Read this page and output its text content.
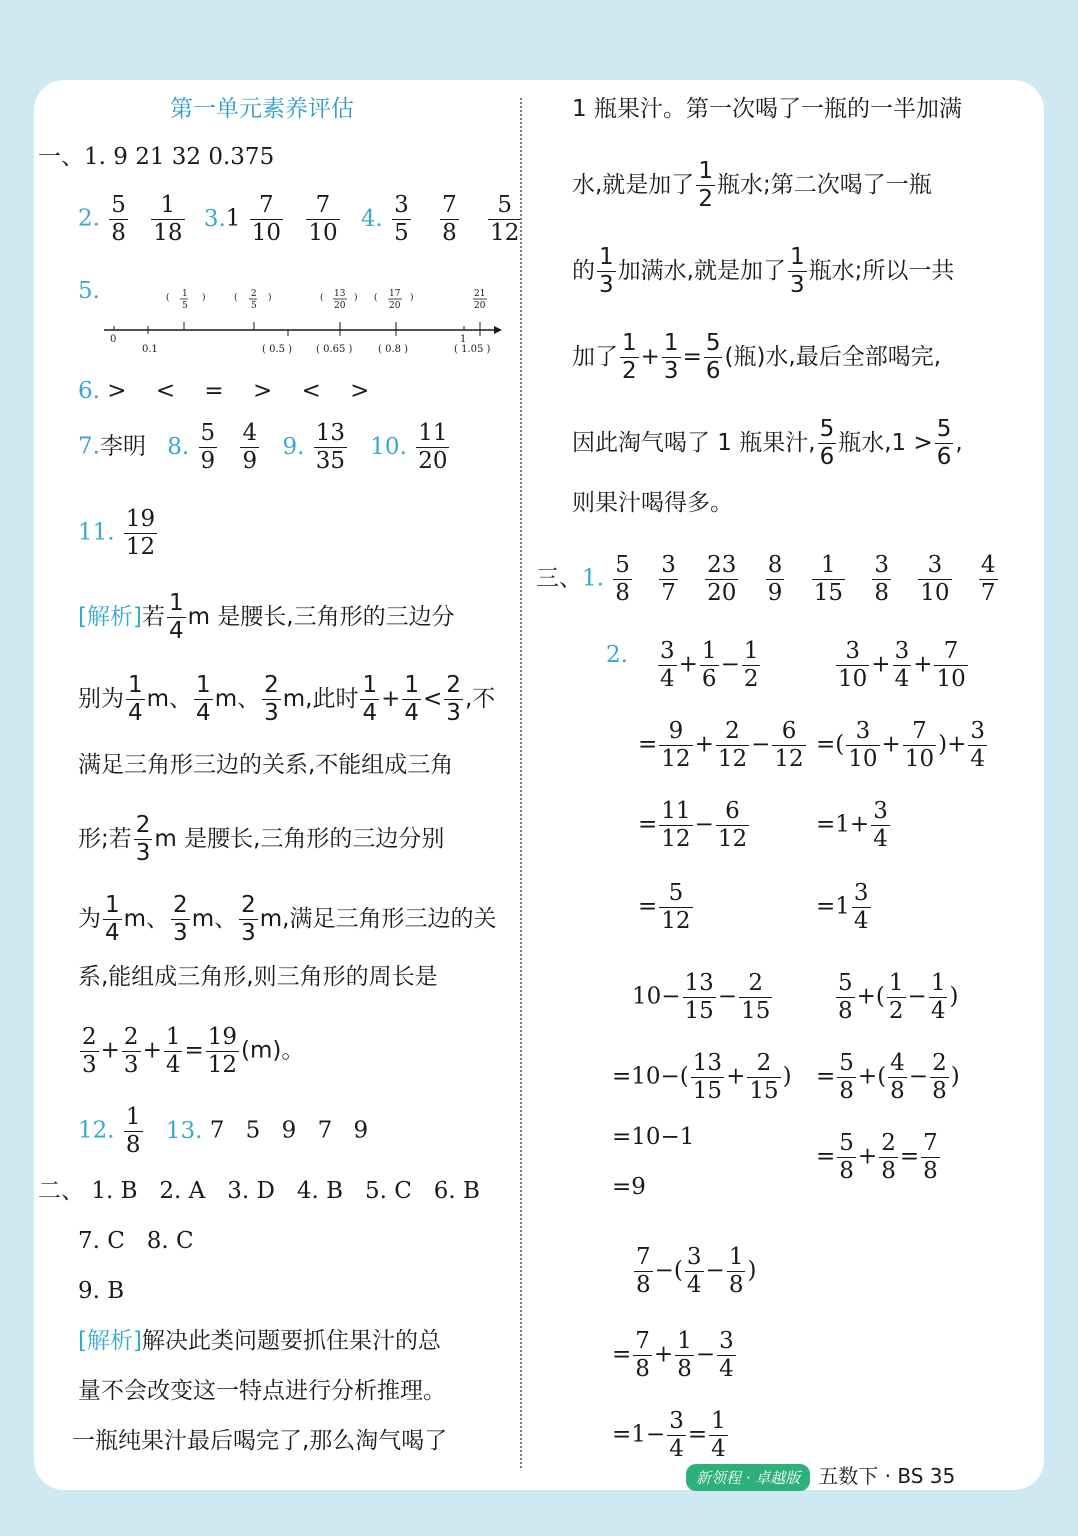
第一单元素养评估
一、1. 9 21 32 0.375
2. $\frac{5}{8}$
$\frac{1}{18} 3.1 \frac{7}{10}$
$\frac{7}{10} 4$. $\frac{3}{5}$
$\frac{7}{8}$
$\frac{5}{12}$
5.
6. > < = > < >
7.李明 8. $\frac{5}{9}$
$\frac{4}{9} 9$. $\frac{13}{35} 10$. $\frac{11}{20}$
11. $\frac{19}{12}$
[解析]若 $\frac{1}{4}$ m 是腰长,三角形的三边分
别为 $\frac{1}{4}$ m、 $\frac{1}{4}$ m、 $\frac{2}{3} m$,此时 $\frac{1}{4} + \frac{1}{4} < \frac{2}{3}$ ,不
满足三角形三边的关系,不能组成三角
形;若 $\frac{2}{3}$ m 是腰长,三角形的三边分别
为 $\frac{1}{4}$ m、 $\frac{2}{3}$ m、 $\frac{2}{3} m$,满足三角形三边的关
系,能组成三角形,则三角形的周长是
$\frac{2}{3} + \frac{2}{3} + \frac{1}{4} = \frac{19}{12} (m)$。
12. $\frac{1}{8} 13$. 7 5 9 7 9
二、 1. B 2. A 3. D 4. B 5. C 6. B
7. C 8. C
9. B
[解析]解决此类问题要抓住果汁的总
量不会改变这一特点进行分析推理。
一瓶纯果汁最后喝完了,那么淘气喝了
0
0.1	( 0.5 ) ( 0.65 )	( 0.8 )
1
( 1.05 )
( 1
5
)	( 2
5
)	( 13
20
) ( 17
20
)	21
20
1 瓶果汁。第一次喝了一瓶的一半加满
水,就是加了 $\frac{1}{2}$ 瓶水;第二次喝了一瓶
的 $\frac{1}{3}$ 加满水,就是加了 $\frac{1}{3}$ 瓶水;所以一共
加了 $\frac{1}{2} + \frac{1}{3} = \frac{5}{6}$ (瓶)水,最后全部喝完,
因此淘气喝了 1 瓶果汁, $\frac{5}{6}$ 瓶水$,1 > \frac{5}{6}$ ,
则果汁喝得多。
三、1. $\frac{5}{8}$
$\frac{3}{7}$
$\frac{23}{20}$
$\frac{8}{9}$
$\frac{1}{15}$
$\frac{3}{8}$
$\frac{3}{10}$
$\frac{4}{7}$
2. $\frac{3}{4} + \frac{1}{6} - \frac{1}{2}$
= $\frac{9}{12} + \frac{2}{12} - \frac{6}{12}$
= $\frac{11}{12} - \frac{6}{12}$
= $\frac{5}{12}$
$\frac{3}{10} + \frac{3}{4} + \frac{7}{10}$
=( $\frac{3}{10} + \frac{7}{10}$ )+ $\frac{3}{4}$
$=1+ \frac{3}{4}$
$=1 \frac{3}{4}$
$10- \frac{13}{15} - \frac{2}{15}$
$=10-( \frac{13}{15} + \frac{2}{15}$ )
=10−1
=9
$\frac{5}{8}$ +( $\frac{1}{2} - \frac{1}{4}$ )
= $\frac{5}{8}$ +( $\frac{4}{8} - \frac{2}{8}$ )
= $\frac{5}{8} + \frac{2}{8} = \frac{7}{8}$
$\frac{7}{8}$ −( $\frac{3}{4} - \frac{1}{8}$ )
= $\frac{7}{8} + \frac{1}{8} - \frac{3}{4}$
$=1- \frac{3}{4} = \frac{1}{4}$
新领程 · 卓越版 五数下 · BS 35
